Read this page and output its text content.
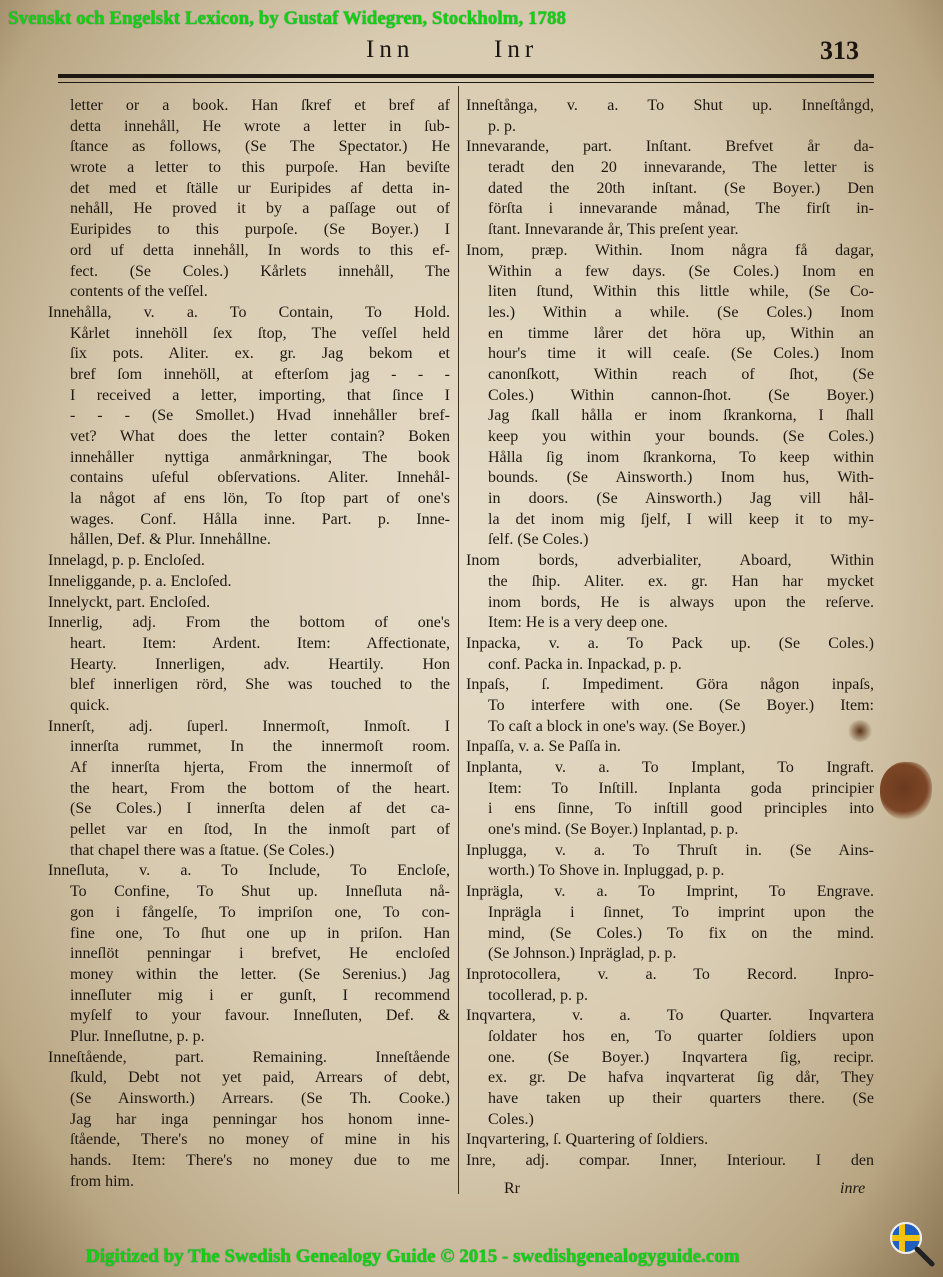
Svenskt och Engelskt Lexicon, by Gustaf Widegren, Stockholm, 1788

Inn	Inr	313
letter or a book. Han ſkref et bref af
detta innehåll, He wrote a letter in ſub-
ſtance as follows, (Se The Spectator.) He
wrote a letter to this purpoſe. Han beviſte
det med et ſtälle ur Euripides af detta in-
nehåll, He proved it by a paſſage out of
Euripides to this purpoſe. (Se Boyer.) I
ord uf detta innehåll, In words to this ef-
fect. (Se Coles.) Kårlets innehåll, The
contents of the veſſel.
Innehålla, v. a. To Contain, To Hold.
Kårlet innehöll ſex ſtop, The veſſel held
ſix pots. Aliter. ex. gr. Jag bekom et
bref ſom innehöll, at efterſom jag - - -
I received a letter, importing, that ſince I
- - - (Se Smollet.) Hvad innehåller bref-
vet? What does the letter contain? Boken
innehåller nyttiga anmårkningar, The book
contains uſeful obſervations. Aliter. Innehål-
la något af ens lön, To ſtop part of one's
wages. Conf. Hålla inne. Part. p. Inne-
hållen, Def. & Plur. Innehållne.
Innelagd, p. p. Encloſed.
Inneliggande, p. a. Encloſed.
Innelyckt, part. Encloſed.
Innerlig, adj. From the bottom of one's
heart. Item: Ardent. Item: Affectionate,
Hearty. Innerligen, adv. Heartily. Hon
blef innerligen rörd, She was touched to the
quick.
Innerſt, adj. ſuperl. Innermoſt, Inmoſt. I
innerſta rummet, In the innermoſt room.
Af innerſta hjerta, From the innermoſt of
the heart, From the bottom of the heart.
(Se Coles.) I innerſta delen af det ca-
pellet var en ſtod, In the inmoſt part of
that chapel there was a ſtatue. (Se Coles.)
Inneſluta, v. a. To Include, To Encloſe,
To Confine, To Shut up. Inneſluta nå-
gon i fångelſe, To impriſon one, To con-
fine one, To ſhut one up in priſon. Han
inneſlöt penningar i brefvet, He encloſed
money within the letter. (Se Serenius.) Jag
inneſluter mig i er gunſt, I recommend
myſelf to your favour. Inneſluten, Def. &
Plur. Inneſlutne, p. p.
Inneſtående, part. Remaining. Inneſtående
ſkuld, Debt not yet paid, Arrears of debt,
(Se Ainsworth.) Arrears. (Se Th. Cooke.)
Jag har inga penningar hos honom inne-
ſtående, There's no money of mine in his
hands. Item: There's no money due to me
from him.
Inneſtånga, v. a. To Shut up. Inneſtångd,
p. p.
Innevarande, part. Inſtant. Brefvet år da-
teradt den 20 innevarande, The letter is
dated the 20th inſtant. (Se Boyer.) Den
förſta i innevarande månad, The firſt in-
ſtant. Innevarande år, This preſent year.
Inom, præp. Within. Inom några få dagar,
Within a few days. (Se Coles.) Inom en
liten ſtund, Within this little while, (Se Co-
les.) Within a while. (Se Coles.) Inom
en timme lårer det höra up, Within an
hour's time it will ceaſe. (Se Coles.) Inom
canonſkott, Within reach of ſhot, (Se
Coles.) Within cannon-ſhot. (Se Boyer.)
Jag ſkall hålla er inom ſkrankorna, I ſhall
keep you within your bounds. (Se Coles.)
Hålla ſig inom ſkrankorna, To keep within
bounds. (Se Ainsworth.) Inom hus, With-
in doors. (Se Ainsworth.) Jag vill hål-
la det inom mig ſjelf, I will keep it to my-
ſelf. (Se Coles.)
Inom bords, adverbialiter, Aboard, Within
the ſhip. Aliter. ex. gr. Han har mycket
inom bords, He is always upon the reſerve.
Item: He is a very deep one.
Inpacka, v. a. To Pack up. (Se Coles.)
conf. Packa in. Inpackad, p. p.
Inpaſs, ſ. Impediment. Göra någon inpaſs,
To interfere with one. (Se Boyer.) Item:
To caſt a block in one's way. (Se Boyer.)
Inpaſſa, v. a. Se Paſſa in.
Inplanta, v. a. To Implant, To Ingraft.
Item: To Inſtill. Inplanta goda principier
i ens ſinne, To inſtill good principles into
one's mind. (Se Boyer.) Inplantad, p. p.
Inplugga, v. a. To Thruſt in. (Se Ains-
worth.) To Shove in. Inpluggad, p. p.
Inprägla, v. a. To Imprint, To Engrave.
Inprägla i ſinnet, To imprint upon the
mind, (Se Coles.) To fix on the mind.
(Se Johnson.) Inpräglad, p. p.
Inprotocollera, v. a. To Record. Inpro-
tocollerad, p. p.
Inqvartera, v. a. To Quarter. Inqvartera
ſoldater hos en, To quarter ſoldiers upon
one. (Se Boyer.) Inqvartera ſig, recipr.
ex. gr. De hafva inqvarterat ſig dår, They
have taken up their quarters there. (Se
Coles.)
Inqvartering, ſ. Quartering of ſoldiers.
Inre, adj. compar. Inner, Interiour. I den
Rr	inre

Digitized by The Swedish Genealogy Guide © 2015 - swedishgenealogyguide.com
